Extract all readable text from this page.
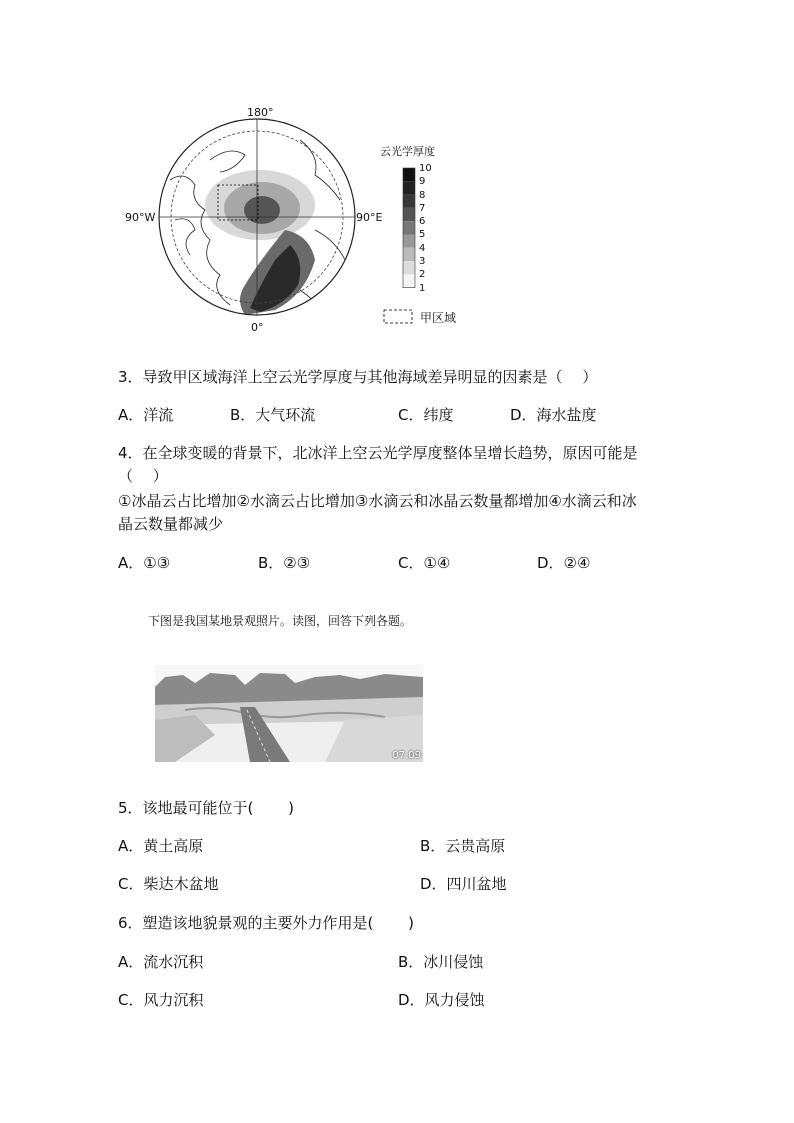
180°
0°
90°W	90°E
云光学厚度
10
9
8
7
6
5
4
3
2
1
甲区域
3．导致甲区域海洋上空云光学厚度与其他海域差异明显的因素是（　 ）
A．洋流	B．大气环流	C．纬度	D．海水盐度
4．在全球变暖的背景下，北冰洋上空云光学厚度整体呈增长趋势，原因可能是
（　 ）
①冰晶云占比增加②水滴云占比增加③水滴云和冰晶云数量都增加④水滴云和冰
晶云数量都减少
A．①③	B．②③	C．①④	D．②④
下图是我国某地景观照片。读图，回答下列各题。
07.09
5．该地最可能位于(　 　)
A．黄土高原	B．云贵高原
C．柴达木盆地	D．四川盆地
6．塑造该地貌景观的主要外力作用是(　 　)
A．流水沉积	B．冰川侵蚀
C．风力沉积	D．风力侵蚀
